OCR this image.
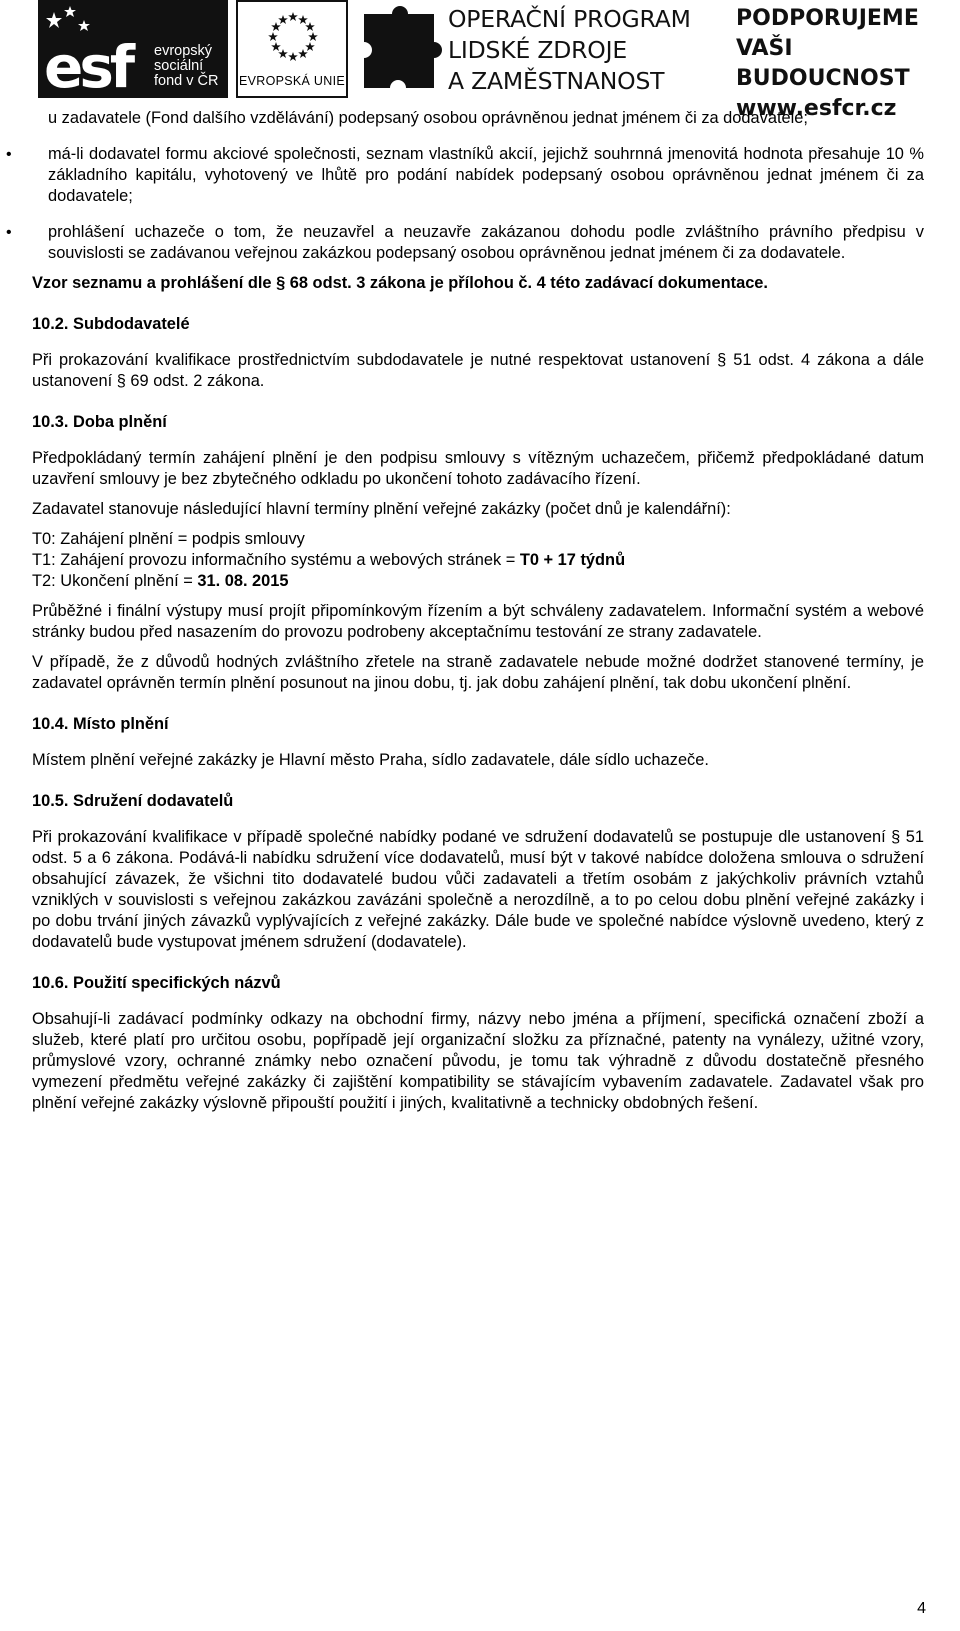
esf evropský
sociální
fond v ČR EVROPSKÁ UNIE
OPERAČNÍ PROGRAM
LIDSKÉ ZDROJE
A ZAMĚSTNANOST
PODPORUJEME
VAŠI BUDOUCNOST
www.esfcr.cz

u zadavatele (Fond dalšího vzdělávání) podepsaný osobou oprávněnou jednat jménem či za dodavatele;

• má-li dodavatel formu akciové společnosti, seznam vlastníků akcií, jejichž souhrnná jmenovitá hodnota přesahuje 10 % základního kapitálu, vyhotovený ve lhůtě pro podání nabídek podepsaný osobou oprávněnou jednat jménem či za dodavatele;

• prohlášení uchazeče o tom, že neuzavřel a neuzavře zakázanou dohodu podle zvláštního právního předpisu v souvislosti se zadávanou veřejnou zakázkou podepsaný osobou oprávněnou jednat jménem či za dodavatele.

Vzor seznamu a prohlášení dle § 68 odst. 3 zákona je přílohou č. 4 této zadávací dokumentace.

10.2. Subdodavatelé

Při prokazování kvalifikace prostřednictvím subdodavatele je nutné respektovat ustanovení § 51 odst. 4 zákona a dále ustanovení § 69 odst. 2 zákona.

10.3. Doba plnění

Předpokládaný termín zahájení plnění je den podpisu smlouvy s vítězným uchazečem, přičemž předpokládané datum uzavření smlouvy je bez zbytečného odkladu po ukončení tohoto zadávacího řízení.

Zadavatel stanovuje následující hlavní termíny plnění veřejné zakázky (počet dnů je kalendářní):

T0: Zahájení plnění = podpis smlouvy

T1: Zahájení provozu informačního systému a webových stránek = T0 + 17 týdnů

T2: Ukončení plnění = 31. 08. 2015

Průběžné i finální výstupy musí projít připomínkovým řízením a být schváleny zadavatelem. Informační systém a webové stránky budou před nasazením do provozu podrobeny akceptačnímu testování ze strany zadavatele.

V případě, že z důvodů hodných zvláštního zřetele na straně zadavatele nebude možné dodržet stanovené termíny, je zadavatel oprávněn termín plnění posunout na jinou dobu, tj. jak dobu zahájení plnění, tak dobu ukončení plnění.

10.4. Místo plnění

Místem plnění veřejné zakázky je Hlavní město Praha, sídlo zadavatele, dále sídlo uchazeče.

10.5. Sdružení dodavatelů

Při prokazování kvalifikace v případě společné nabídky podané ve sdružení dodavatelů se postupuje dle ustanovení § 51 odst. 5 a 6 zákona. Podává-li nabídku sdružení více dodavatelů, musí být v takové nabídce doložena smlouva o sdružení obsahující závazek, že všichni tito dodavatelé budou vůči zadavateli a třetím osobám z jakýchkoliv právních vztahů vzniklých v souvislosti s veřejnou zakázkou zavázáni společně a nerozdílně, a to po celou dobu plnění veřejné zakázky i po dobu trvání jiných závazků vyplývajících z veřejné zakázky. Dále bude ve společné nabídce výslovně uvedeno, který z dodavatelů bude vystupovat jménem sdružení (dodavatele).

10.6. Použití specifických názvů

Obsahují-li zadávací podmínky odkazy na obchodní firmy, názvy nebo jména a příjmení, specifická označení zboží a služeb, které platí pro určitou osobu, popřípadě její organizační složku za příznačné, patenty na vynálezy, užitné vzory, průmyslové vzory, ochranné známky nebo označení původu, je tomu tak výhradně z důvodu dostatečně přesného vymezení předmětu veřejné zakázky či zajištění kompatibility se stávajícím vybavením zadavatele. Zadavatel však pro plnění veřejné zakázky výslovně připouští použití i jiných, kvalitativně a technicky obdobných řešení.

4
